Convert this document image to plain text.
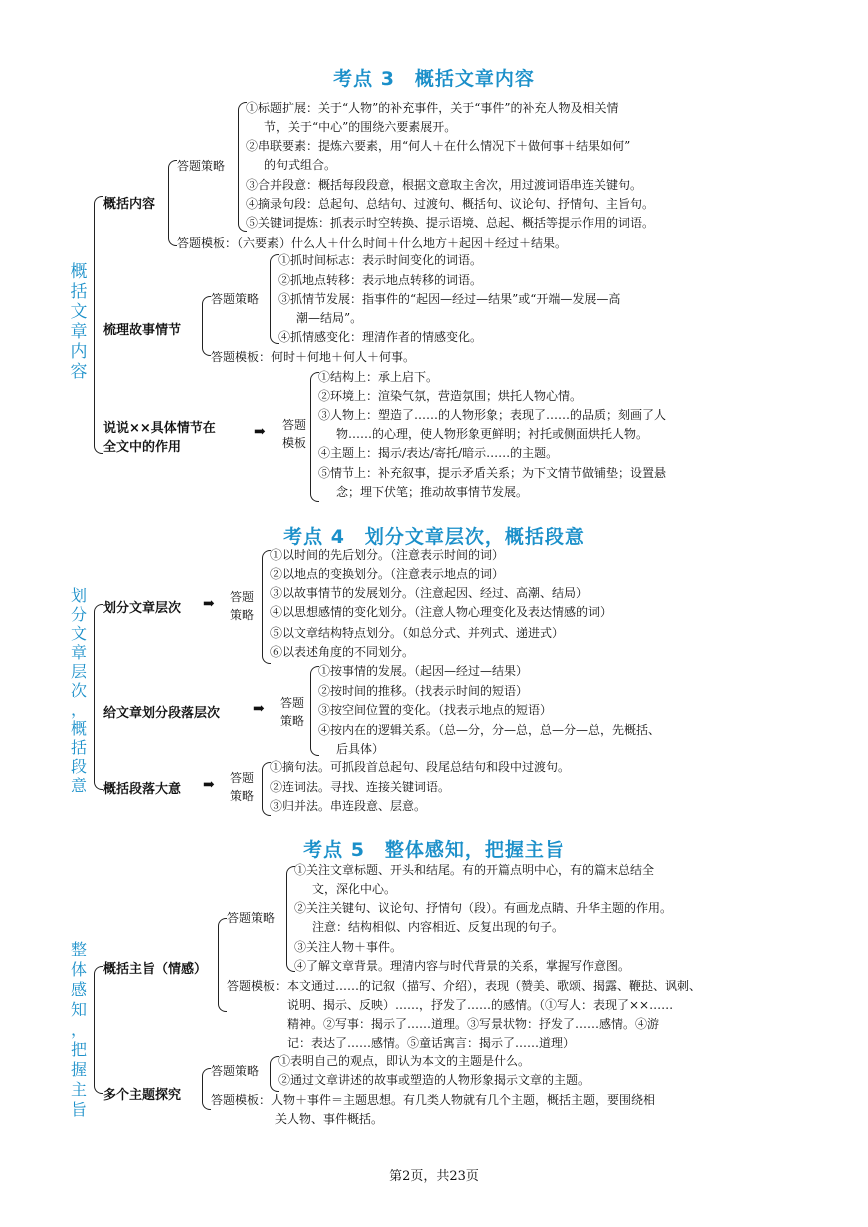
考点 3　概括文章内容
概
括
文
章
内
容
概括内容
答题策略
①标题扩展：关于“人物”的补充事件，关于“事件”的补充人物及相关情
节，关于“中心”的围绕六要素展开。
②串联要素：提炼六要素，用“何人＋在什么情况下＋做何事＋结果如何”
的句式组合。
③合并段意：概括每段段意，根据文意取主舍次，用过渡词语串连关键句。
④摘录句段：总起句、总结句、过渡句、概括句、议论句、抒情句、主旨句。
⑤关键词提炼：抓表示时空转换、提示语境、总起、概括等提示作用的词语。
答题模板：（六要素）什么人＋什么时间＋什么地方＋起因＋经过＋结果。
梳理故事情节
答题策略
①抓时间标志：表示时间变化的词语。
②抓地点转移：表示地点转移的词语。
③抓情节发展：指事件的“起因—经过—结果”或“开端—发展—高
潮—结局”。
④抓情感变化：理清作者的情感变化。
答题模板：何时＋何地＋何人＋何事。
说说××具体情节在
全文中的作用
➡ 答题
模板
①结构上：承上启下。
②环境上：渲染气氛，营造氛围；烘托人物心情。
③人物上：塑造了……的人物形象；表现了……的品质；刻画了人
物……的心理，使人物形象更鲜明；衬托或侧面烘托人物。
④主题上：揭示/表达/寄托/暗示……的主题。
⑤情节上：补充叙事，提示矛盾关系；为下文情节做铺垫；设置悬
念；埋下伏笔；推动故事情节发展。
考点 4　划分文章层次，概括段意
划
分
文
章
层
次
，
概
括
段
意
划分文章层次 ➡ 答题
策略
①以时间的先后划分。（注意表示时间的词）
②以地点的变换划分。（注意表示地点的词）
③以故事情节的发展划分。（注意起因、经过、高潮、结局）
④以思想感情的变化划分。（注意人物心理变化及表达情感的词）
⑤以文章结构特点划分。（如总分式、并列式、递进式）
⑥以表述角度的不同划分。
给文章划分段落层次 ➡ 答题
策略
①按事情的发展。（起因—经过—结果）
②按时间的推移。（找表示时间的短语）
③按空间位置的变化。（找表示地点的短语）
④按内在的逻辑关系。（总—分，分—总，总—分—总，先概括、
后具体）
概括段落大意 ➡ 答题
策略
①摘句法。可抓段首总起句、段尾总结句和段中过渡句。
②连词法。寻找、连接关键词语。
③归并法。串连段意、层意。
考点 5　整体感知，把握主旨
整
体
感
知
，
把
握
主
旨
概括主旨（情感）
答题策略
①关注文章标题、开头和结尾。有的开篇点明中心，有的篇末总结全
文，深化中心。
②关注关键句、议论句、抒情句（段）。有画龙点睛、升华主题的作用。
注意：结构相似、内容相近、反复出现的句子。
③关注人物＋事件。
④了解文章背景。理清内容与时代背景的关系，掌握写作意图。
答题模板： 本文通过……的记叙（描写、介绍），表现（赞美、歌颂、揭露、鞭挞、讽刺、
说明、揭示、反映）……，抒发了……的感情。（①写人：表现了××……
精神。②写事：揭示了……道理。③写景状物：抒发了……感情。④游
记：表达了……感情。⑤童话寓言：揭示了……道理）
多个主题探究
答题策略
①表明自己的观点，即认为本文的主题是什么。
②通过文章讲述的故事或塑造的人物形象揭示文章的主题。
答题模板： 人物＋事件＝主题思想。有几类人物就有几个主题，概括主题，要围绕相
关人物、事件概括。
第2页，共23页
